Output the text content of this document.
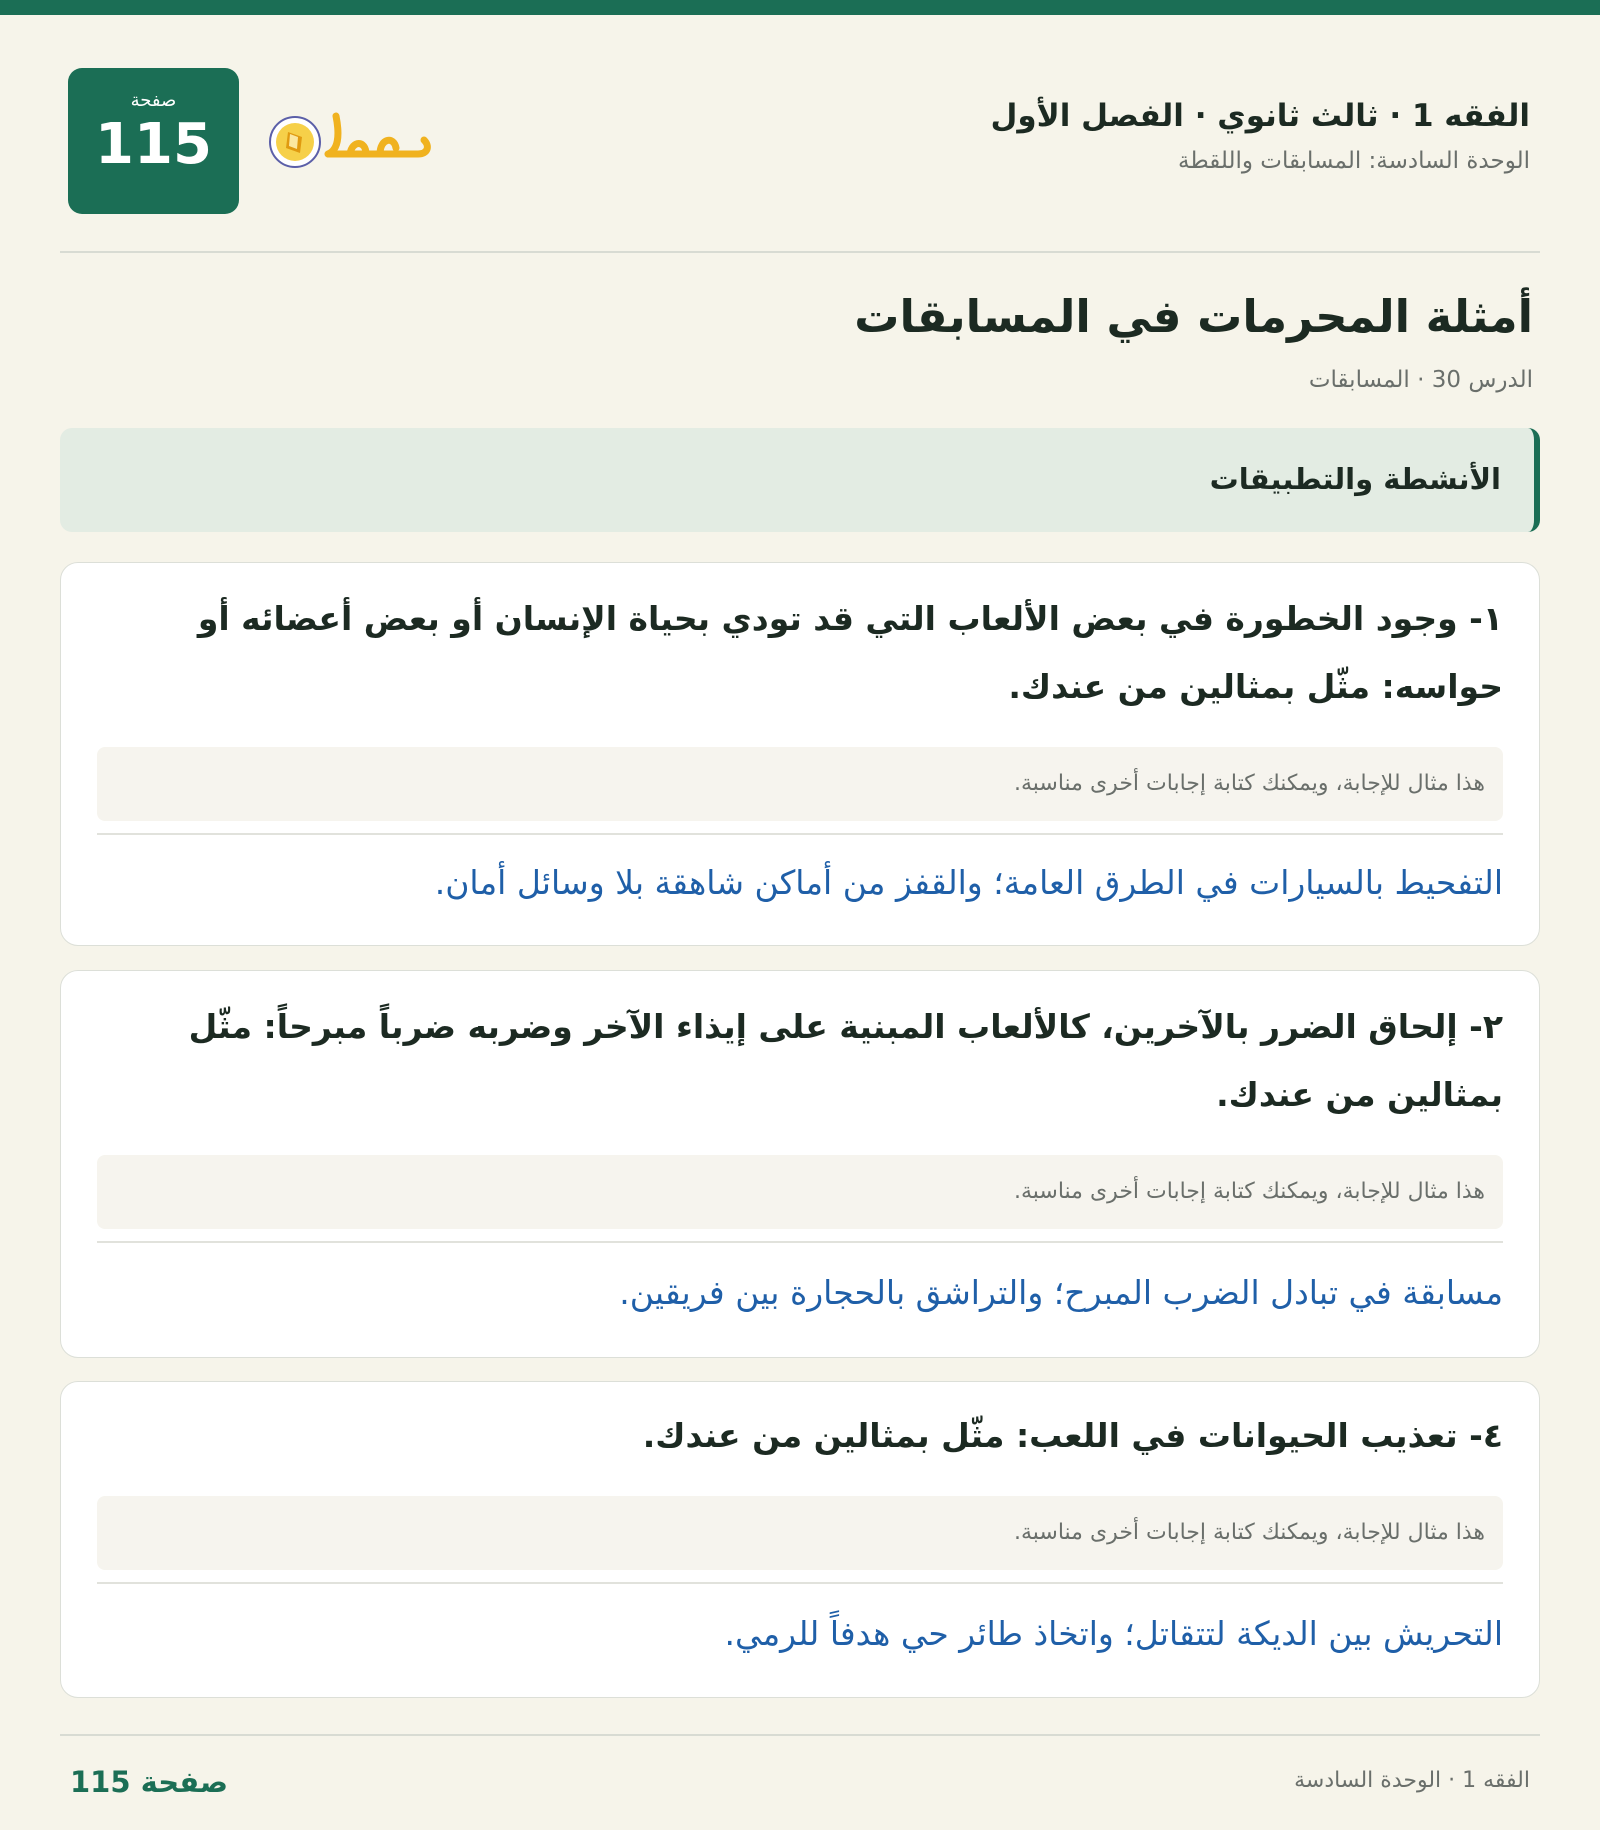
الفقه 1 · ثالث ثانوي · الفصل الأول
الوحدة السادسة: المسابقات واللقطة
صفحة
115
أمثلة المحرمات في المسابقات
الدرس 30 · المسابقات
الأنشطة والتطبيقات
١- وجود الخطورة في بعض الألعاب التي قد تودي بحياة الإنسان أو بعض أعضائه أو حواسه: مثّل بمثالين من عندك.
هذا مثال للإجابة، ويمكنك كتابة إجابات أخرى مناسبة.
التفحيط بالسيارات في الطرق العامة؛ والقفز من أماكن شاهقة بلا وسائل أمان.
٢- إلحاق الضرر بالآخرين، كالألعاب المبنية على إيذاء الآخر وضربه ضرباً مبرحاً: مثّل بمثالين من عندك.
هذا مثال للإجابة، ويمكنك كتابة إجابات أخرى مناسبة.
مسابقة في تبادل الضرب المبرح؛ والتراشق بالحجارة بين فريقين.
٤- تعذيب الحيوانات في اللعب: مثّل بمثالين من عندك.
هذا مثال للإجابة، ويمكنك كتابة إجابات أخرى مناسبة.
التحريش بين الديكة لتتقاتل؛ واتخاذ طائر حي هدفاً للرمي.
صفحة 115	الفقه 1 · الوحدة السادسة
